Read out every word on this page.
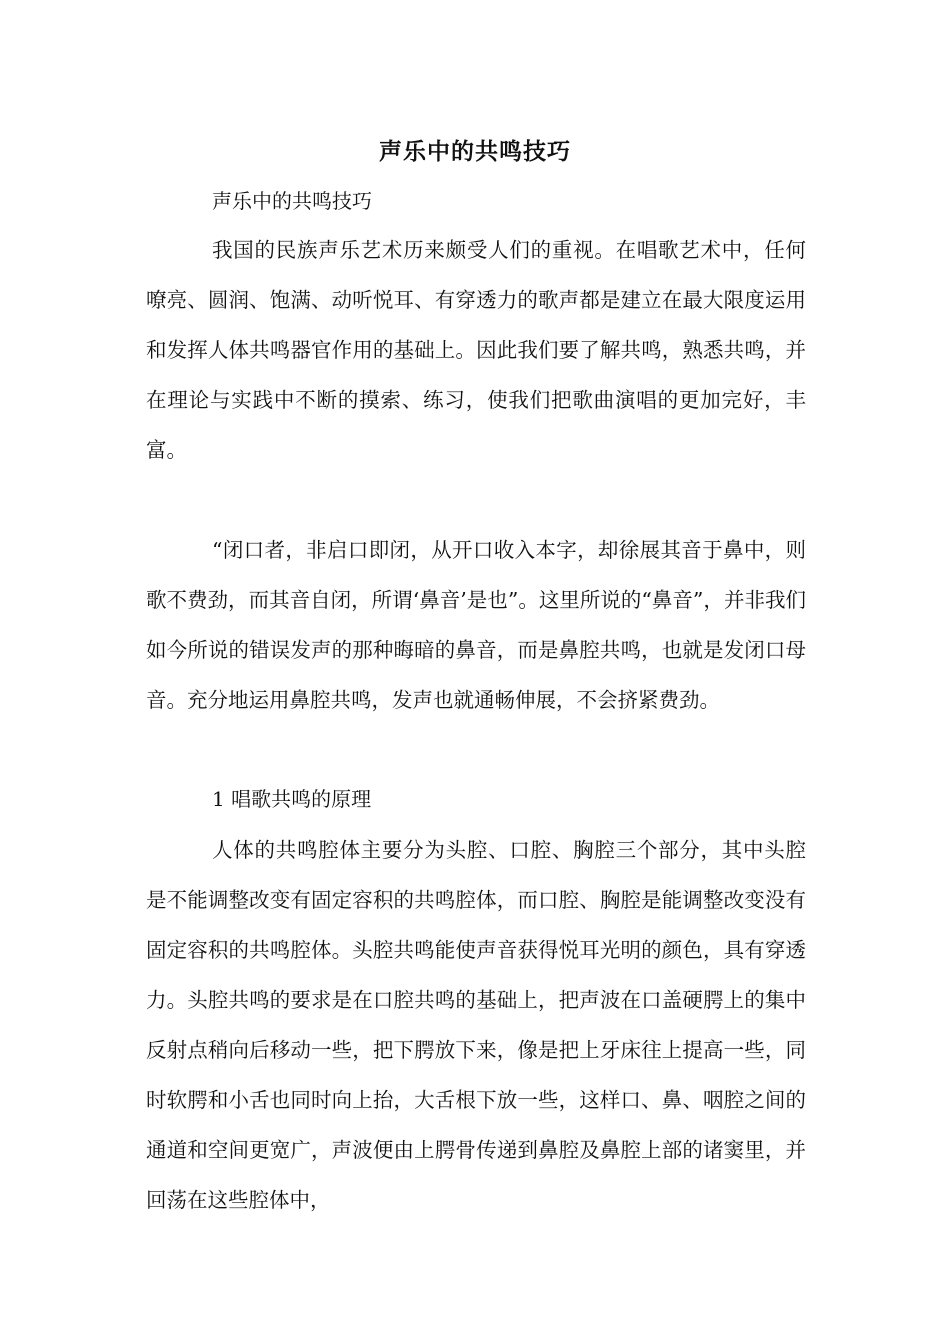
声乐中的共鸣技巧
声乐中的共鸣技巧

我国的民族声乐艺术历来颇受人们的重视。在唱歌艺术中，任何嘹亮、圆润、饱满、动听悦耳、有穿透力的歌声都是建立在最大限度运用和发挥人体共鸣器官作用的基础上。因此我们要了解共鸣，熟悉共鸣，并在理论与实践中不断的摸索、练习，使我们把歌曲演唱的更加完好，丰富。

“闭口者，非启口即闭，从开口收入本字，却徐展其音于鼻中，则歌不费劲，而其音自闭，所谓‘鼻音’是也”。这里所说的“鼻音”，并非我们如今所说的错误发声的那种晦暗的鼻音，而是鼻腔共鸣，也就是发闭口母音。充分地运用鼻腔共鸣，发声也就通畅伸展，不会挤紧费劲。

1 唱歌共鸣的原理

人体的共鸣腔体主要分为头腔、口腔、胸腔三个部分，其中头腔是不能调整改变有固定容积的共鸣腔体，而口腔、胸腔是能调整改变没有固定容积的共鸣腔体。头腔共鸣能使声音获得悦耳光明的颜色，具有穿透力。头腔共鸣的要求是在口腔共鸣的基础上，把声波在口盖硬腭上的集中反射点稍向后移动一些，把下腭放下来，像是把上牙床往上提高一些，同时软腭和小舌也同时向上抬，大舌根下放一些，这样口、鼻、咽腔之间的通道和空间更宽广，声波便由上腭骨传递到鼻腔及鼻腔上部的诸窦里，并回荡在这些腔体中，
